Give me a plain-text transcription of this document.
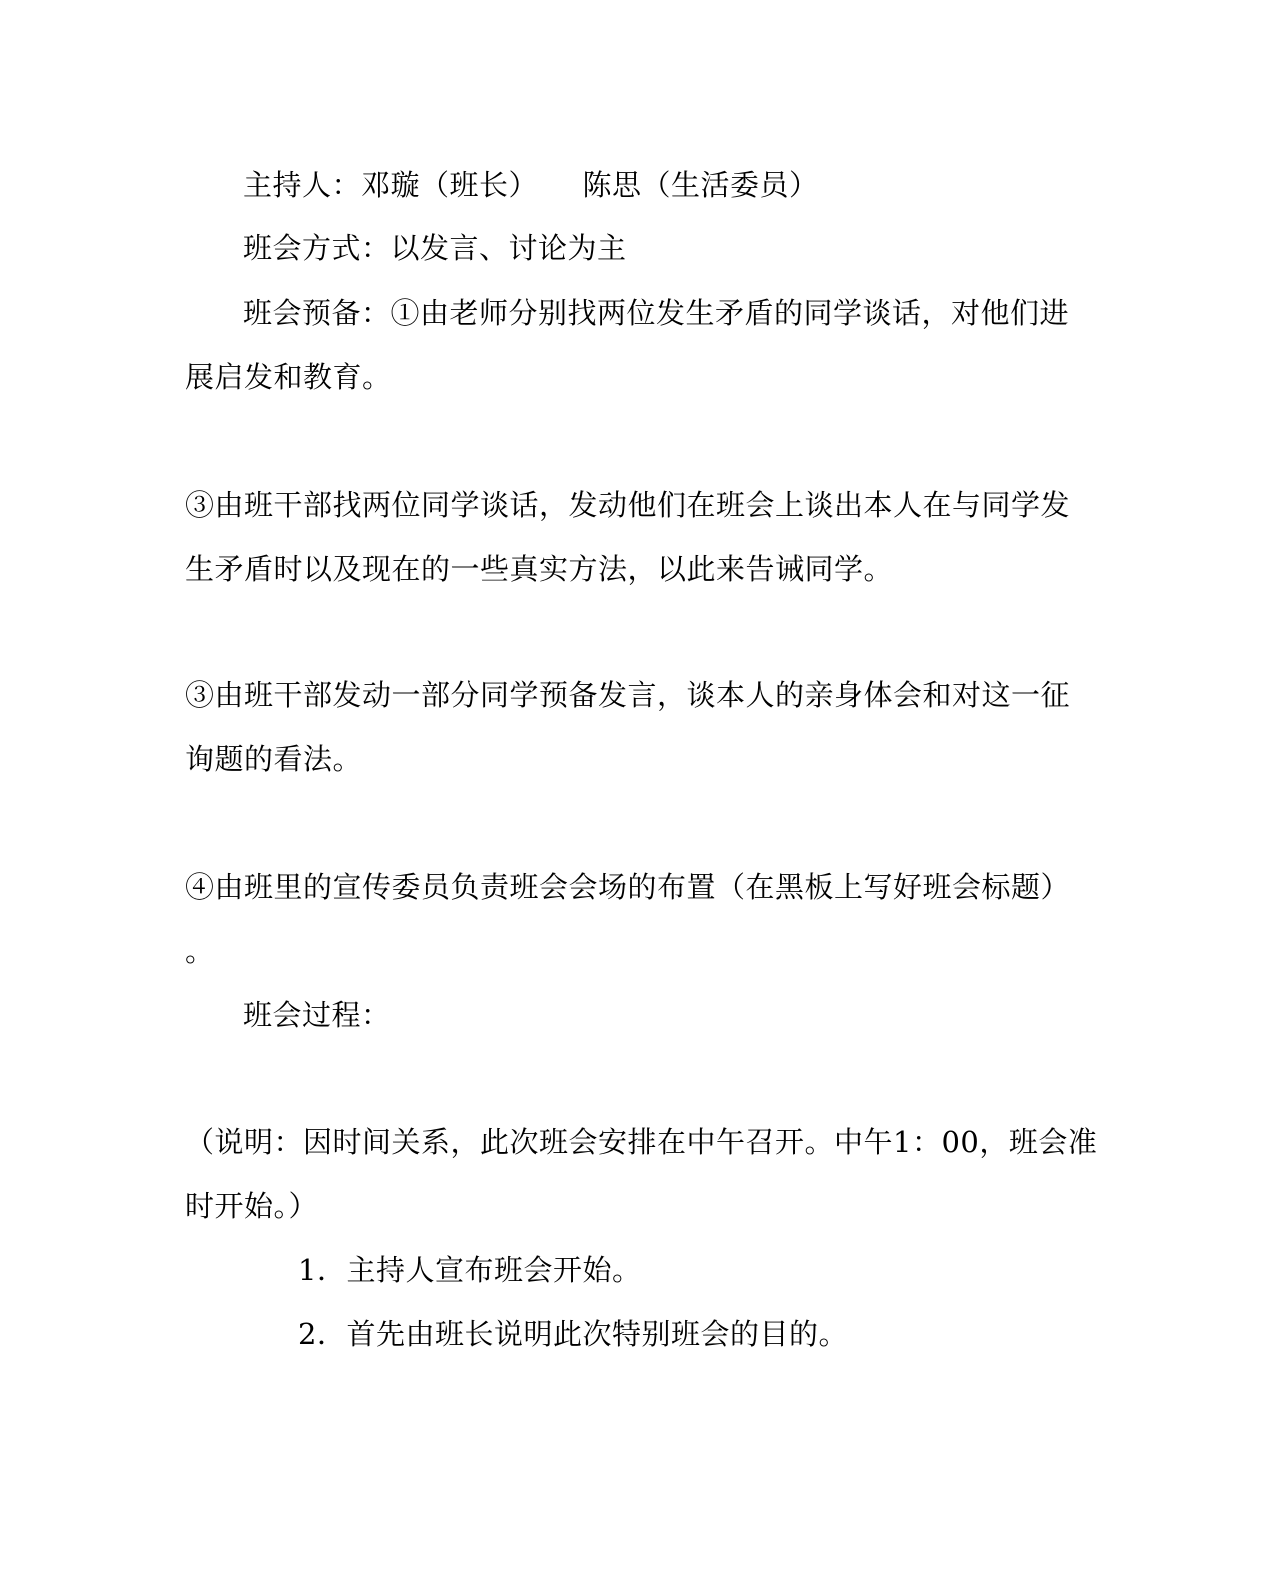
主持人：邓璇（班长）　　陈思（生活委员）
班会方式：以发言、讨论为主
班会预备：①由老师分别找两位发生矛盾的同学谈话，对他们进
展启发和教育。
③由班干部找两位同学谈话，发动他们在班会上谈出本人在与同学发
生矛盾时以及现在的一些真实方法，以此来告诫同学。
③由班干部发动一部分同学预备发言，谈本人的亲身体会和对这一征
询题的看法。
④由班里的宣传委员负责班会会场的布置（在黑板上写好班会标题）
。
班会过程：
（说明：因时间关系，此次班会安排在中午召开。中午1：00，班会准
时开始。）
1．主持人宣布班会开始。
2．首先由班长说明此次特别班会的目的。
